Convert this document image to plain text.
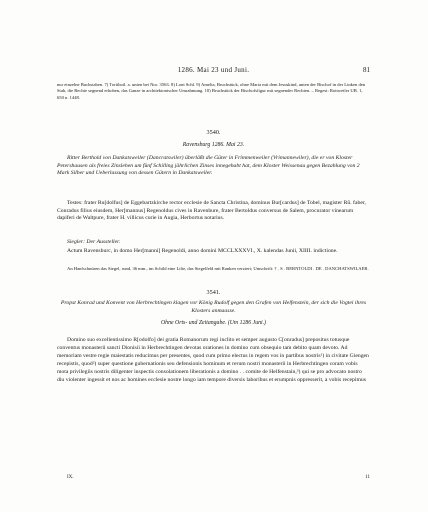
1286. Mai 23 und Juni.	81
nur einzelne Buchstaben. 7) Tortiboil. a. unten bei Nro. 3563. 8) Loni Schl. 9) Amelia, Bruchstück, ohne Maria mit dem Jesuskind, unten der Bischof in der Linken den Stab, die Rechte segnend erhoben, das Ganze in architektonischer Umrahmung. 10) Bruchstück der Bischofsfigur mit segnender Rechten. – Regest: Rottweiler UB. 1, 650 n. 1448.
3540.
Ravensburg 1286. Mai 23.

Ritter Berthold von Dankatsweiler (Dancratswiler) überläßt die Güter in Frimmenweiler (Vrimannewiler), die er von Kloster Petershausen als freies Zinslehen um fünf Schilling jährlichen Zinses innegehabt hat, dem Kloster Weissenau gegen Bezahlung von 2 Mark Silber und Ueberlassung von dessen Gütern in Dankatsweiler.

Testes: frater Ru[dolfus] de Eggebartzkirche rector ecclesie de Sancta Christina, dominus Bur[cardus] de Tobel, magister Rû. faber, Conradus filius eiusdem, Her[mannus] Regenoldus cives in Ravenbure, frater Bertoldus conversus de Salem, procurator vinearum dapiferi de Waltpure, frater H. villicus curie in Augia, Herbortus notarius.

Siegler: Der Aussteller.

Actum Ravensburc, in domo Her[manni] Regenoldi, anno domini MCCLXXXVI., X. kalendas Junii, XIIII. indictione.

An Hanfschnüren das Siegel, rund, 36 mm., im Schild eine Lilie, das Siegelfeld mit Ranken verziert; Umschrift: † . S . BERNTOLDI . DE . DANCHATSWILAER.

3541.
Propst Konrad und Konvent von Herbrechtingen klagen vor König Rudolf gegen den Grafen von Helfenstein, der sich die Vogtei ihres Klosters anmaasse.
Ohne Orts- und Zeitangabe. (Um 1286 Juni.)

Domino suo excellentissimo R[odolfo] dei gratia Romanorum regi inclito et semper augusto C[onradus] prepositus totusque conventus monasterii sancti Dionisii in Herbrechtingen devotas orationes in domino cum obsequio tam debito quam devoto. Ad memoriam vestre regie maiestatis reducimus per presentes, quod cum primo electus in regem vos in partibus nostris¹) in civitate Giengen recepistis, quod²) super questione gubernationis seu defensionis hominum et rerum nostri monasterii in Herbrechtingen coram vobis mota privilegiis nostris diligenter inspectis consolationem liberationis a domino . . comite de Helfenstain,³) qui se pro advocato nostro diu violenter ingessit et nos ac homines ecclesie nostre longo iam tempore diversis laboribus et erumpnis oppresserit, a vobis recepimus

IX.	11
